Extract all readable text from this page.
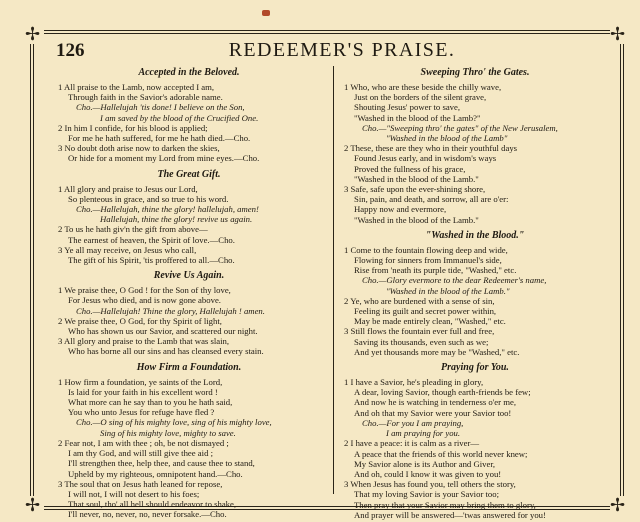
✢	✢
✢	✢
126	REDEEMER'S PRAISE.
Accepted in the Beloved.
1 All praise to the Lamb, now accepted I am,
Through faith in the Savior's adorable name.
Cho.—Hallelujah 'tis done! I believe on the Son,
I am saved by the blood of the Crucified One.
2 In him I confide, for his blood is applied;
For me he hath suffered, for me he hath died.—Cho.
3 No doubt doth arise now to darken the skies,
Or hide for a moment my Lord from mine eyes.—Cho.
The Great Gift.
1 All glory and praise to Jesus our Lord,
So plenteous in grace, and so true to his word.
Cho.—Hallelujah, thine the glory! hallelujah, amen!
Hallelujah, thine the glory! revive us again.
2 To us he hath giv'n the gift from above—
The earnest of heaven, the Spirit of love.—Cho.
3 Ye all may receive, on Jesus who call,
The gift of his Spirit, 'tis proffered to all.—Cho.
Revive Us Again.
1 We praise thee, O God ! for the Son of thy love,
For Jesus who died, and is now gone above.
Cho.—Hallelujah! Thine the glory, Hallelujah ! amen.
2 We praise thee, O God, for thy Spirit of light,
Who has shown us our Savior, and scattered our night.
3 All glory and praise to the Lamb that was slain,
Who has borne all our sins and has cleansed every stain.
How Firm a Foundation.
1 How firm a foundation, ye saints of the Lord,
Is laid for your faith in his excellent word !
What more can he say than to you he hath said,
You who unto Jesus for refuge have fled ?
Cho.—O sing of his mighty love, sing of his mighty love,
Sing of his mighty love, mighty to save.
2 Fear not, I am with thee ; oh, be not dismayed ;
I am thy God, and will still give thee aid ;
I'll strengthen thee, help thee, and cause thee to stand,
Upheld by my righteous, omnipotent hand.—Cho.
3 The soul that on Jesus hath leaned for repose,
I will not, I will not desert to his foes;
That soul, tho' all hell should endeavor to shake,
I'll never, no, never, no, never forsake.—Cho.
Sweeping Thro' the Gates.
1 Who, who are these beside the chilly wave,
Just on the borders of the silent grave,
Shouting Jesus' power to save,
"Washed in the blood of the Lamb?"
Cho.—"Sweeping thro' the gates" of the New Jerusalem,
"Washed in the blood of the Lamb"
2 These, these are they who in their youthful days
Found Jesus early, and in wisdom's ways
Proved the fullness of his grace,
"Washed in the blood of the Lamb."
3 Safe, safe upon the ever-shining shore,
Sin, pain, and death, and sorrow, all are o'er:
Happy now and evermore,
"Washed in the blood of the Lamb."
"Washed in the Blood."
1 Come to the fountain flowing deep and wide,
Flowing for sinners from Immanuel's side,
Rise from 'neath its purple tide, "Washed," etc.
Cho.—Glory evermore to the dear Redeemer's name,
"Washed in the blood of the Lamb."
2 Ye, who are burdened with a sense of sin,
Feeling its guilt and secret power within,
May be made entirely clean, "Washed," etc.
3 Still flows the fountain ever full and free,
Saving its thousands, even such as we;
And yet thousands more may be "Washed," etc.
Praying for You.
1 I have a Savior, he's pleading in glory,
A dear, loving Savior, though earth-friends be few;
And now he is watching in tenderness o'er me,
And oh that my Savior were your Savior too!
Cho.—For you I am praying,
I am praying for you.
2 I have a peace: it is calm as a river—
A peace that the friends of this world never knew;
My Savior alone is its Author and Giver,
And oh, could I know it was given to you!
3 When Jesus has found you, tell others the story,
That my loving Savior is your Savior too;
Then pray that your Savior may bring them to glory,
And prayer will be answered—'twas answered for you!
